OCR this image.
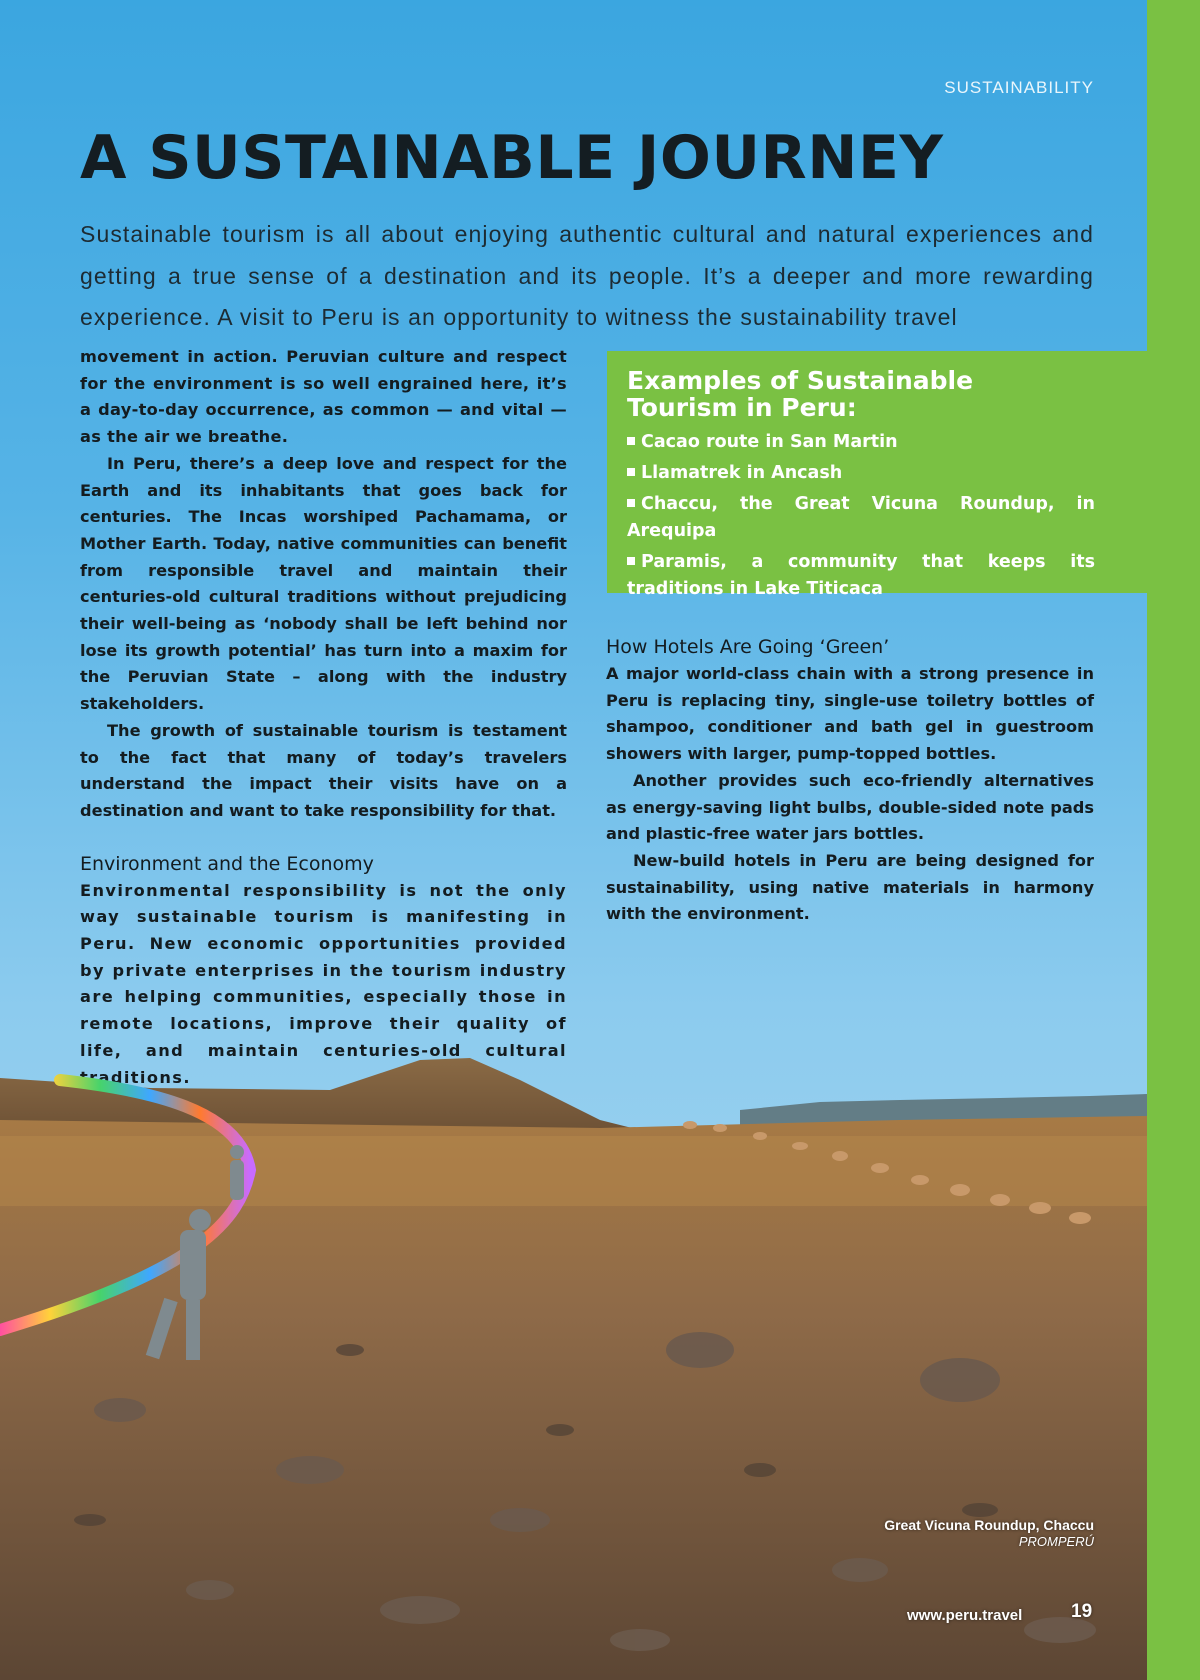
SUSTAINABILITY
A SUSTAINABLE JOURNEY

Sustainable tourism is all about enjoying authentic cultural and natural experiences and getting a true sense of a destination and its people. It’s a deeper and more rewarding experience. A visit to Peru is an opportunity to witness the sustainability travel

movement in action. Peruvian culture and respect for the environment is so well engrained here, it’s a day-to-day occurrence, as common — and vital — as the air we breathe.

In Peru, there’s a deep love and respect for the Earth and its inhabitants that goes back for centuries. The Incas worshiped Pachamama, or Mother Earth. Today, native communities can benefit from responsible travel and maintain their centuries-old cultural traditions without prejudicing their well-being as ‘nobody shall be left behind nor lose its growth potential’ has turn into a maxim for the Peruvian State – along with the industry stakeholders.

The growth of sustainable tourism is testament to the fact that many of today’s travelers understand the impact their visits have on a destination and want to take responsibility for that.

Environment and the Economy

Environmental responsibility is not the only way sustainable tourism is manifesting in Peru. New economic opportunities provided by private enterprises in the tourism industry are helping communities, especially those in remote locations, improve their quality of life, and maintain centuries-old cultural traditions.

Examples of Sustainable Tourism in Peru:
Cacao route in San Martin
Llamatrek in Ancash
Chaccu, the Great Vicuna Roundup, in Arequipa
Paramis, a community that keeps its traditions in Lake Titicaca
How Hotels Are Going ‘Green’

A major world-class chain with a strong presence in Peru is replacing tiny, single-use toiletry bottles of shampoo, conditioner and bath gel in guestroom showers with larger, pump-topped bottles.

Another provides such eco-friendly alternatives as energy-saving light bulbs, double-sided note pads and plastic-free water jars bottles.

New-build hotels in Peru are being designed for sustainability, using native materials in harmony with the environment.

Great Vicuna Roundup, Chaccu
PROMPERÚ
www.peru.travel	19
